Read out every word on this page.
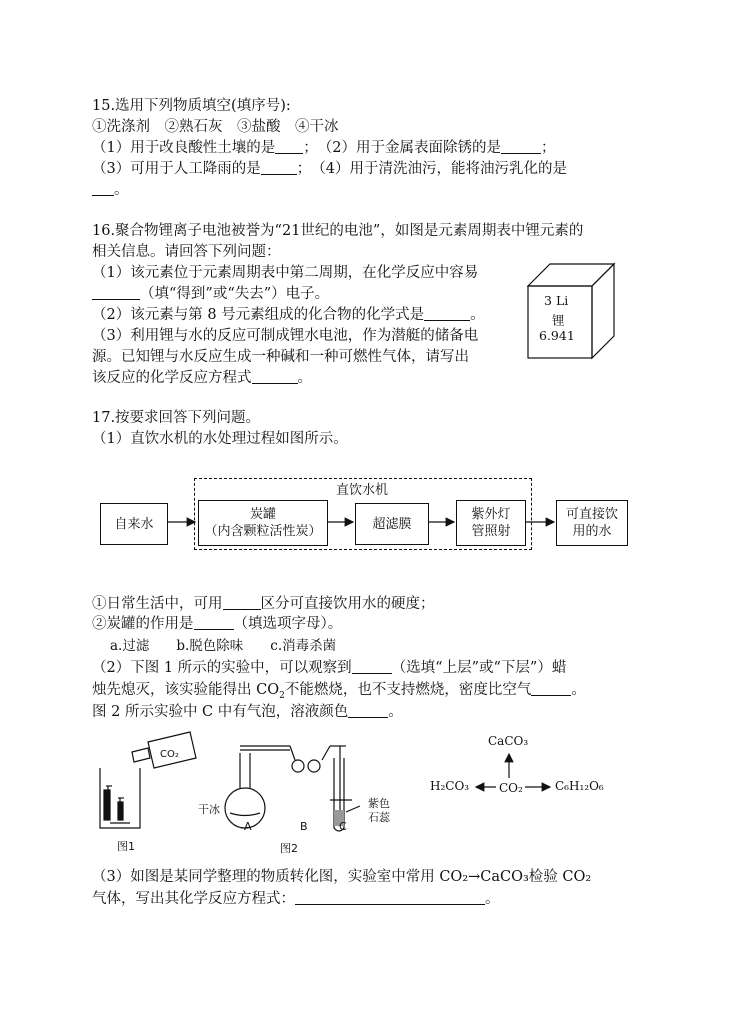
15.选用下列物质填空(填序号):
①洗涤剂　②熟石灰　③盐酸　④干冰
（1）用于改良酸性土壤的是 ；　（2）用于金属表面除锈的是	；
（3）可用于人工降雨的是 ；　（4）用于清洗油污，能将油污乳化的是
。
16.聚合物锂离子电池被誉为“21世纪的电池”，如图是元素周期表中锂元素的
相关信息。请回答下列问题：
（1）该元素位于元素周期表中第二周期，在化学反应中容易
（填“得到”或“失去”）电子。
（2）该元素与第 8 号元素组成的化合物的化学式是	。
（3）利用锂与水的反应可制成锂水电池，作为潜艇的储备电
源。已知锂与水反应生成一种碱和一种可燃性气体，请写出
该反应的化学反应方程式	。
3 Li
锂
6.941
17.按要求回答下列问题。
（1）直饮水机的水处理过程如图所示。
直饮水机
自来水
炭罐
（内含颗粒活性炭）	超滤膜
紫外灯
管照射
可直接饮
用的水
①日常生活中，可用	区分可直接饮用水的硬度；
②炭罐的作用是	（填选项字母）。
a.过滤　　b.脱色除味　　c.消毒杀菌
（2）下图 1 所示的实验中，可以观察到	（选填“上层”或“下层”）蜡
烛先熄灭，该实验能得出 $CO_2$不能燃烧，也不支持燃烧，密度比空气	。
图 2 所示实验中 C 中有气泡，溶液颜色	。
CO₂
图1
干冰
A	B	C
紫色
石蕊
图2
CaCO₃
H₂CO₃ CO₂	C₆H₁₂O₆
（3）如图是某同学整理的物质转化图，实验室中常用 CO₂→CaCO₃检验 CO₂
气体，写出其化学反应方程式：	。
